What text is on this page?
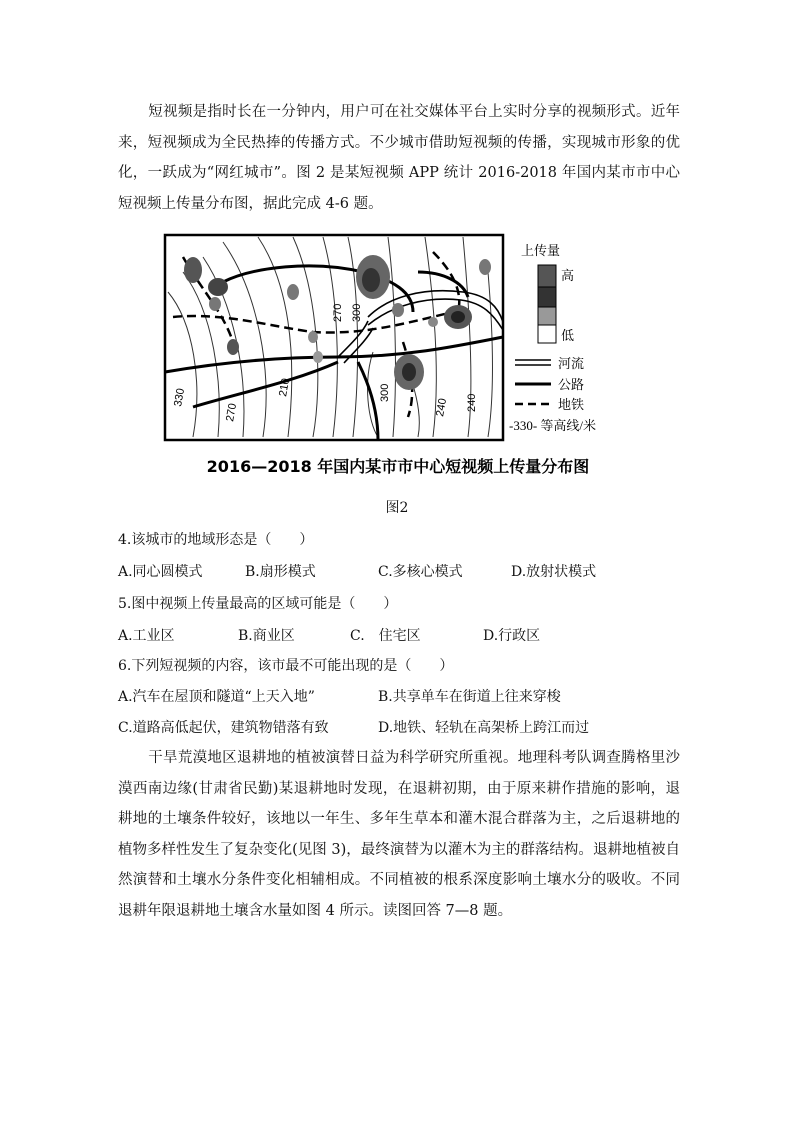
短视频是指时长在一分钟内，用户可在社交媒体平台上实时分享的视频形式。近年来，短视频成为全民热捧的传播方式。不少城市借助短视频的传播，实现城市形象的优化，一跃成为“网红城市”。图 2 是某短视频 APP 统计 2016-2018 年国内某市市中心短视频上传量分布图，据此完成 4-6 题。

330
270
210
270 300
300
240 240
上传量
高
低
河流
公路
地铁
-330- 等高线/米
2016—2018 年国内某市市中心短视频上传量分布图
图2
4.该城市的地域形态是（　　）
A.同心圆模式	B.扇形模式	C.多核心模式	D.放射状模式
5.图中视频上传量最高的区域可能是（　　）
A.工业区	B.商业区	C.　住宅区	D.行政区
6.下列短视频的内容，该市最不可能出现的是（　　）
A.汽车在屋顶和隧道“上天入地”	B.共享单车在街道上往来穿梭
C.道路高低起伏，建筑物错落有致	D.地铁、轻轨在高架桥上跨江而过

干旱荒漠地区退耕地的植被演替日益为科学研究所重视。地理科考队调查腾格里沙漠西南边缘(甘肃省民勤)某退耕地时发现，在退耕初期，由于原来耕作措施的影响，退耕地的土壤条件较好，该地以一年生、多年生草本和灌木混合群落为主，之后退耕地的植物多样性发生了复杂变化(见图 3)，最终演替为以灌木为主的群落结构。退耕地植被自然演替和土壤水分条件变化相辅相成。不同植被的根系深度影响土壤水分的吸收。不同退耕年限退耕地土壤含水量如图 4 所示。读图回答 7—8 题。
